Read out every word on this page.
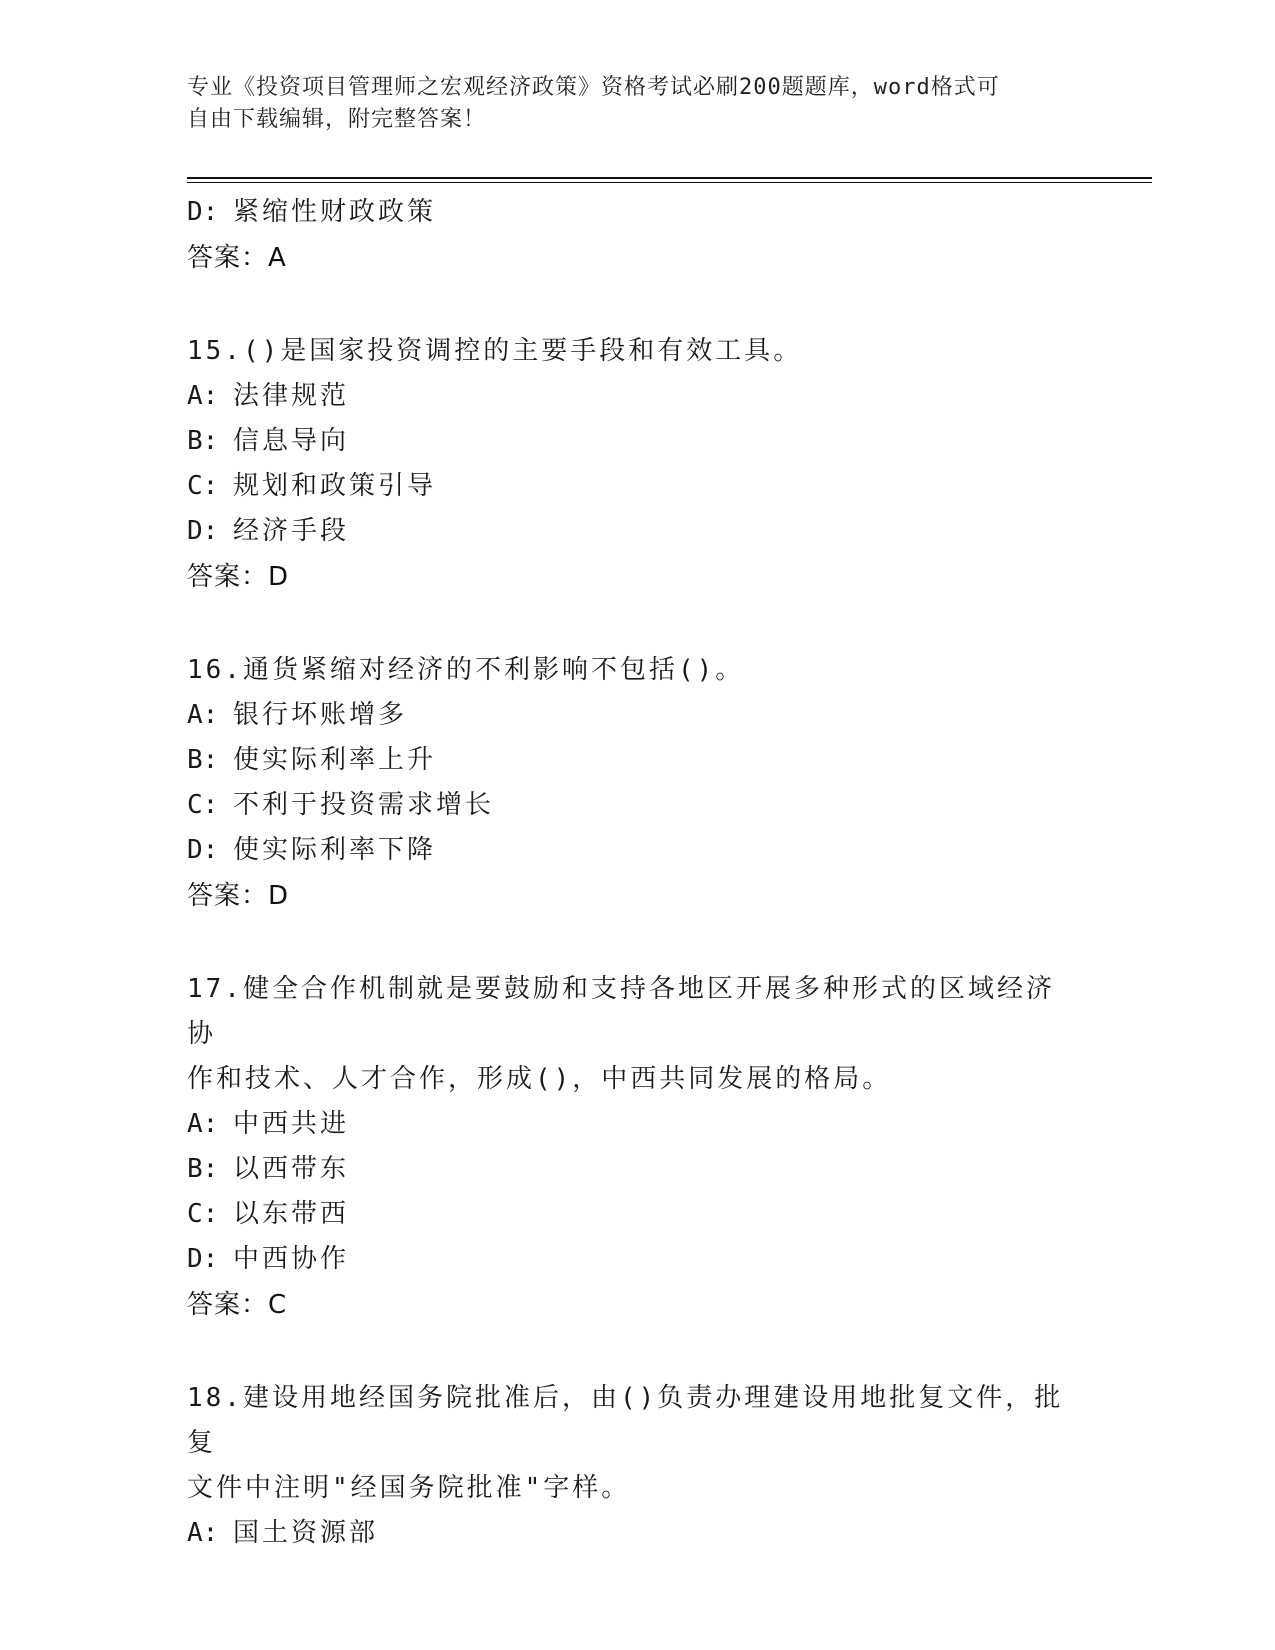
专业《投资项目管理师之宏观经济政策》资格考试必刷200题题库，word格式可
自由下载编辑，附完整答案！
D: 紧缩性财政政策
答案：A
15.()是国家投资调控的主要手段和有效工具。
A: 法律规范
B: 信息导向
C: 规划和政策引导
D: 经济手段
答案：D
16.通货紧缩对经济的不利影响不包括()。
A: 银行坏账增多
B: 使实际利率上升
C: 不利于投资需求增长
D: 使实际利率下降
答案：D
17.健全合作机制就是要鼓励和支持各地区开展多种形式的区域经济协
作和技术、人才合作，形成()，中西共同发展的格局。
A: 中西共进
B: 以西带东
C: 以东带西
D: 中西协作
答案：C
18.建设用地经国务院批准后，由()负责办理建设用地批复文件，批复
文件中注明"经国务院批准"字样。
A: 国土资源部
